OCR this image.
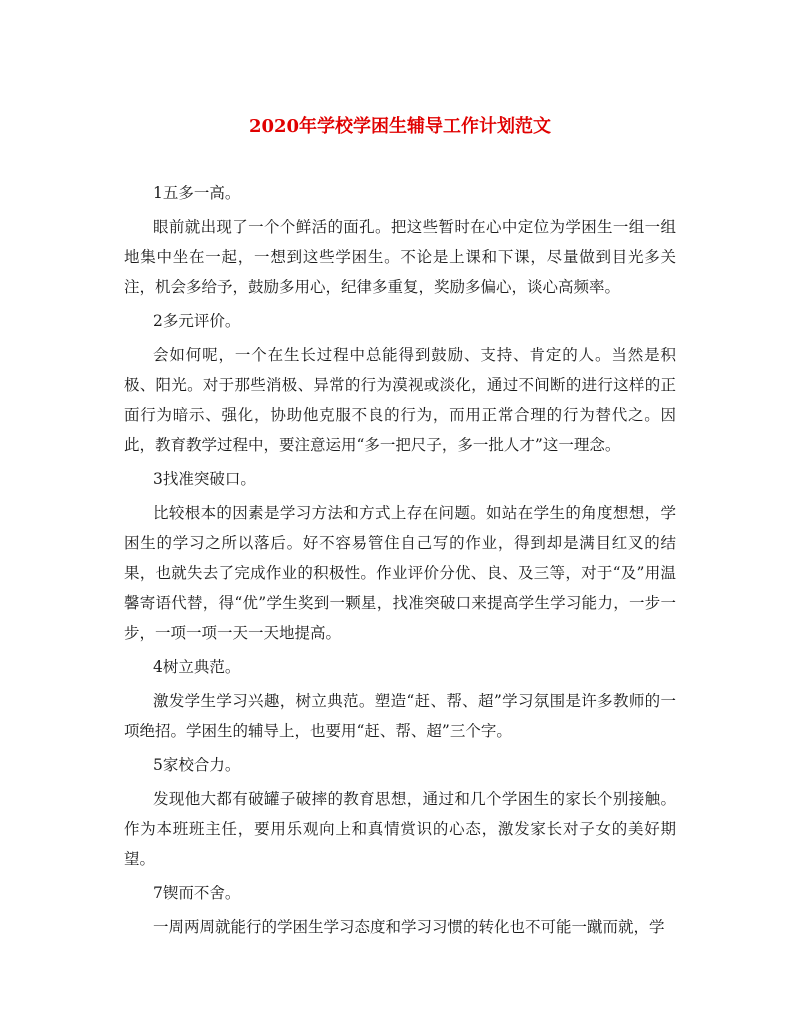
2020年学校学困生辅导工作计划范文

1五多一高。

眼前就出现了一个个鲜活的面孔。把这些暂时在心中定位为学困生一组一组地集中坐在一起，一想到这些学困生。不论是上课和下课，尽量做到目光多关注，机会多给予，鼓励多用心，纪律多重复，奖励多偏心，谈心高频率。

2多元评价。

会如何呢，一个在生长过程中总能得到鼓励、支持、肯定的人。当然是积极、阳光。对于那些消极、异常的行为漠视或淡化，通过不间断的进行这样的正面行为暗示、强化，协助他克服不良的行为，而用正常合理的行为替代之。因此，教育教学过程中，要注意运用“多一把尺子，多一批人才”这一理念。

3找准突破口。

比较根本的因素是学习方法和方式上存在问题。如站在学生的角度想想，学困生的学习之所以落后。好不容易管住自己写的作业，得到却是满目红叉的结果，也就失去了完成作业的积极性。作业评价分优、良、及三等，对于“及”用温馨寄语代替，得“优”学生奖到一颗星，找准突破口来提高学生学习能力，一步一步，一项一项一天一天地提高。

4树立典范。

激发学生学习兴趣，树立典范。塑造“赶、帮、超”学习氛围是许多教师的一项绝招。学困生的辅导上，也要用“赶、帮、超”三个字。

5家校合力。

发现他大都有破罐子破摔的教育思想，通过和几个学困生的家长个别接触。作为本班班主任，要用乐观向上和真情赏识的心态，激发家长对子女的美好期望。

7锲而不舍。

一周两周就能行的学困生学习态度和学习习惯的转化也不可能一蹴而就，学
